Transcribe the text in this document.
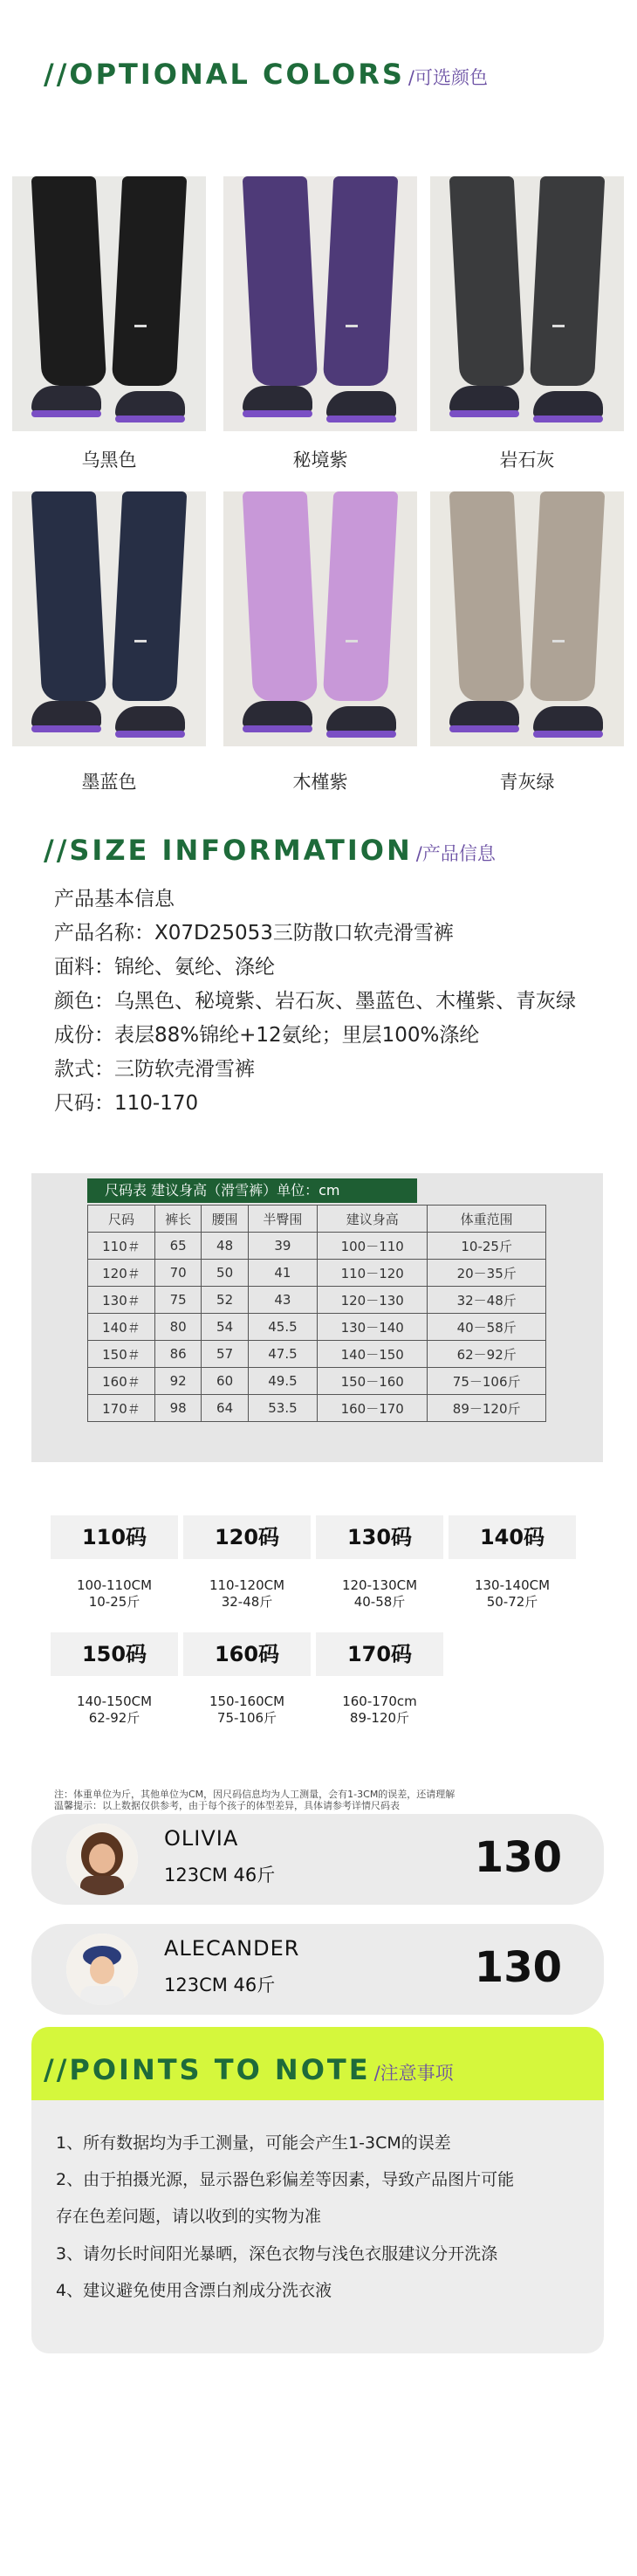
//OPTIONAL COLORS /可选颜色
乌黑色	秘境紫	岩石灰
墨蓝色	木槿紫	青灰绿
//SIZE INFORMATION /产品信息
产品基本信息
产品名称：X07D25053三防散口软壳滑雪裤
面料：锦纶、氨纶、涤纶
颜色：乌黑色、秘境紫、岩石灰、墨蓝色、木槿紫、青灰绿
成份：表层88%锦纶+12氨纶；里层100%涤纶
款式：三防软壳滑雪裤
尺码：110-170
尺码表 建议身高（滑雪裤）单位：cm
尺码	裤长	腰围	半臀围	建议身高	体重范围
110＃	65	48	39	100－110	10-25斤
120＃	70	50	41	110－120	20－35斤
130＃	75	52	43	120－130	32－48斤
140＃	80	54	45.5	130－140	40－58斤
150＃	86	57	47.5	140－150	62－92斤
160＃	92	60	49.5	150－160	75－106斤
170＃	98	64	53.5	160－170	89－120斤
110码
100-110CM
10-25斤
120码
110-120CM
32-48斤
130码
120-130CM
40-58斤
140码
130-140CM
50-72斤
150码
140-150CM
62-92斤
160码
150-160CM
75-106斤
170码
160-170cm
89-120斤
注：体重单位为斤，其他单位为CM，因尺码信息均为人工测量，会有1-3CM的误差，还请理解
温馨提示：以上数据仅供参考，由于每个孩子的体型差异，具体请参考详情尺码表
OLIVIA
123CM 46斤	130
ALECANDER
123CM 46斤	130
//POINTS TO NOTE /注意事项
1、所有数据均为手工测量，可能会产生1-3CM的误差
2、由于拍摄光源，显示器色彩偏差等因素，导致产品图片可能
存在色差问题，请以收到的实物为准
3、请勿长时间阳光暴晒，深色衣物与浅色衣服建议分开洗涤
4、建议避免使用含漂白剂成分洗衣液
